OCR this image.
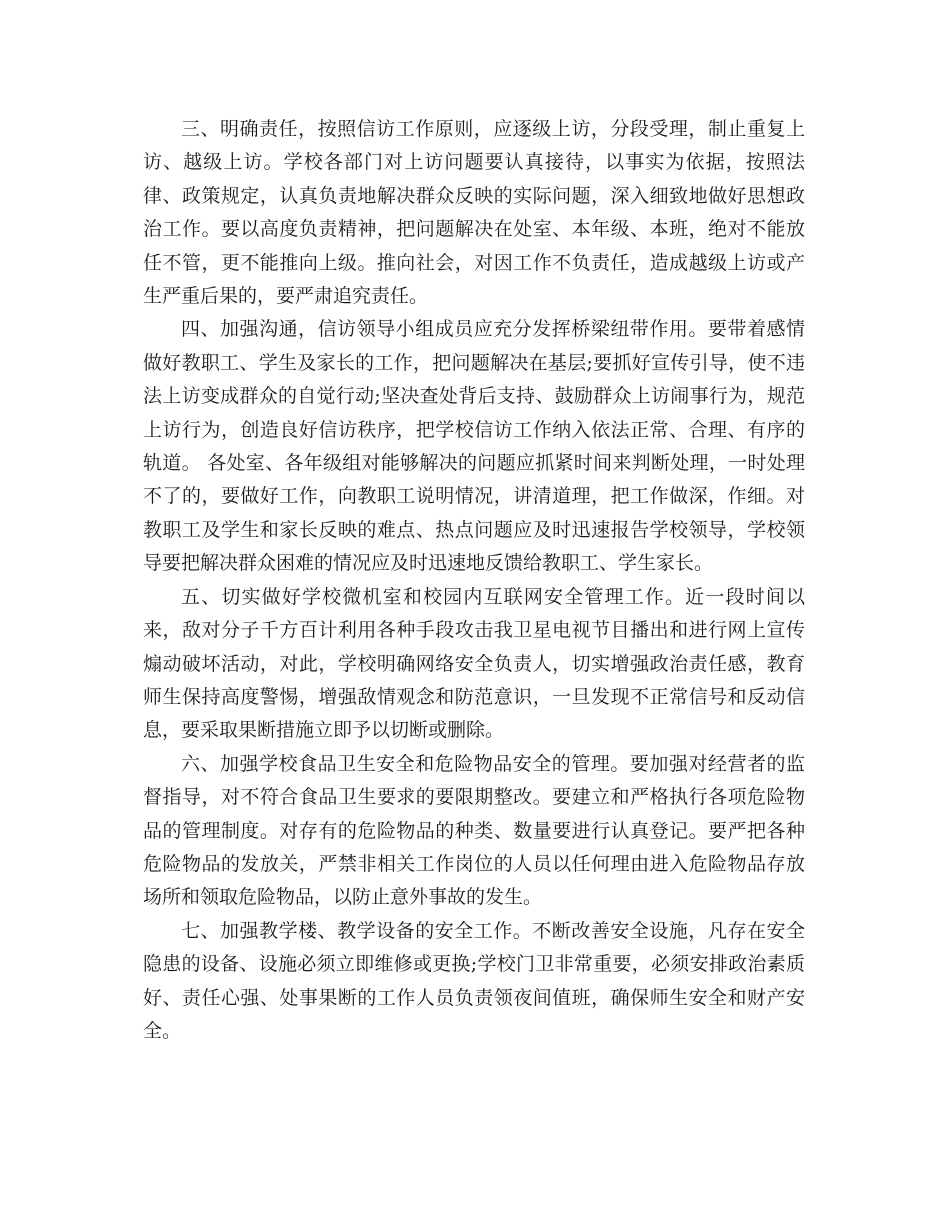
三、明确责任，按照信访工作原则，应逐级上访，分段受理，制止重复上访、越级上访。学校各部门对上访问题要认真接待，以事实为依据，按照法律、政策规定，认真负责地解决群众反映的实际问题，深入细致地做好思想政治工作。要以高度负责精神，把问题解决在处室、本年级、本班，绝对不能放任不管，更不能推向上级。推向社会，对因工作不负责任，造成越级上访或产生严重后果的，要严肃追究责任。

四、加强沟通，信访领导小组成员应充分发挥桥梁纽带作用。要带着感情做好教职工、学生及家长的工作，把问题解决在基层;要抓好宣传引导，使不违法上访变成群众的自觉行动;坚决查处背后支持、鼓励群众上访闹事行为，规范上访行为，创造良好信访秩序，把学校信访工作纳入依法正常、合理、有序的轨道。 各处室、各年级组对能够解决的问题应抓紧时间来判断处理，一时处理不了的，要做好工作，向教职工说明情况，讲清道理，把工作做深，作细。对教职工及学生和家长反映的难点、热点问题应及时迅速报告学校领导，学校领导要把解决群众困难的情况应及时迅速地反馈给教职工、学生家长。

五、切实做好学校微机室和校园内互联网安全管理工作。近一段时间以来，敌对分子千方百计利用各种手段攻击我卫星电视节目播出和进行网上宣传煽动破坏活动，对此，学校明确网络安全负责人，切实增强政治责任感，教育师生保持高度警惕，增强敌情观念和防范意识，一旦发现不正常信号和反动信息，要采取果断措施立即予以切断或删除。

六、加强学校食品卫生安全和危险物品安全的管理。要加强对经营者的监督指导，对不符合食品卫生要求的要限期整改。要建立和严格执行各项危险物品的管理制度。对存有的危险物品的种类、数量要进行认真登记。要严把各种危险物品的发放关，严禁非相关工作岗位的人员以任何理由进入危险物品存放场所和领取危险物品，以防止意外事故的发生。

七、加强教学楼、教学设备的安全工作。不断改善安全设施，凡存在安全隐患的设备、设施必须立即维修或更换;学校门卫非常重要，必须安排政治素质好、责任心强、处事果断的工作人员负责领夜间值班，确保师生安全和财产安全。
